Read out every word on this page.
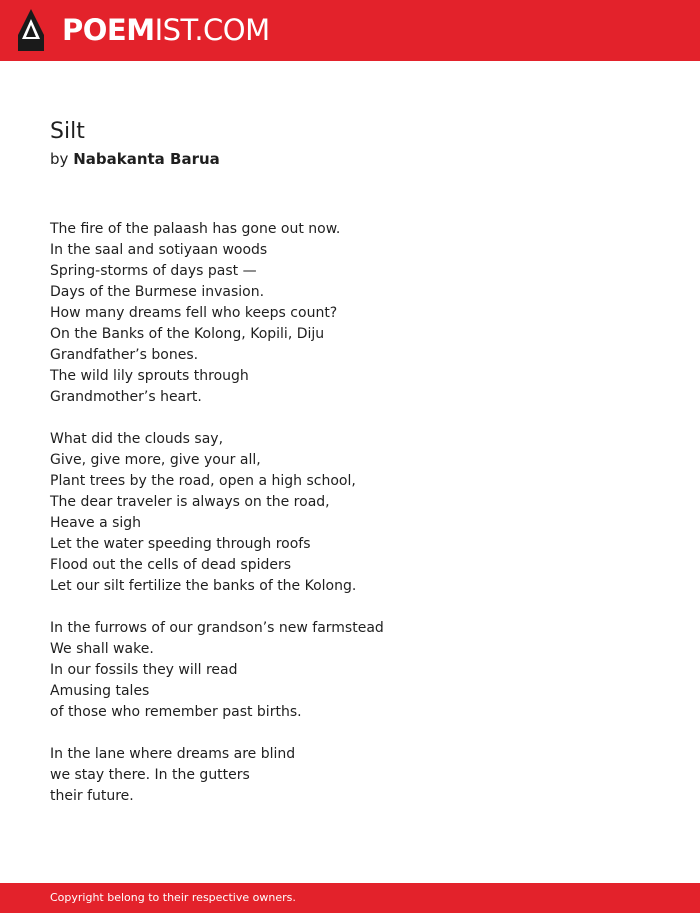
POEMIST.COM
Silt
by Nabakanta Barua
The fire of the palaash has gone out now.
In the saal and sotiyaan woods
Spring-storms of days past —
Days of the Burmese invasion.
How many dreams fell who keeps count?
On the Banks of the Kolong, Kopili, Diju
Grandfather’s bones.
The wild lily sprouts through
Grandmother’s heart.
What did the clouds say,
Give, give more, give your all,
Plant trees by the road, open a high school,
The dear traveler is always on the road,
Heave a sigh
Let the water speeding through roofs
Flood out the cells of dead spiders
Let our silt fertilize the banks of the Kolong.
In the furrows of our grandson’s new farmstead
We shall wake.
In our fossils they will read
Amusing tales
of those who remember past births.
In the lane where dreams are blind
we stay there. In the gutters
their future.
Copyright belong to their respective owners.
